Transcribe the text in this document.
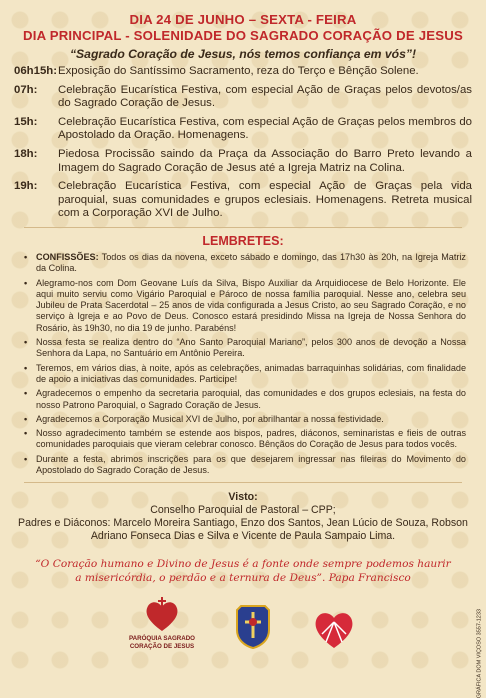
DIA 24 DE JUNHO – SEXTA - FEIRA
DIA PRINCIPAL - SOLENIDADE DO SAGRADO CORAÇÃO DE JESUS
“Sagrado Coração de Jesus, nós temos confiança em vós”!
06h15h: Exposição do Santíssimo Sacramento, reza do Terço e Bênção Solene.
07h:	Celebração Eucarística Festiva, com especial Ação de Graças pelos devotos/as do Sagrado Coração de Jesus.
15h:	Celebração Eucarística Festiva, com especial Ação de Graças pelos membros do Apostolado da Oração. Homenagens.
18h:	Piedosa Procissão saindo da Praça da Associação do Barro Preto levando a Imagem do Sagrado Coração de Jesus até a Igreja Matriz na Colina.
19h:	Celebração Eucarística Festiva, com especial Ação de Graças pela vida paroquial, suas comunidades e grupos eclesiais. Homenagens. Retreta musical com a Corporação XVI de Julho.
LEMBRETES:
• CONFISSÕES: Todos os dias da novena, exceto sábado e domingo, das 17h30 às 20h, na Igreja Matriz da Colina.
• Alegramo-nos com Dom Geovane Luís da Silva, Bispo Auxiliar da Arquidiocese de Belo Horizonte. Ele aqui muito serviu como Vigário Paroquial e Pároco de nossa família paroquial. Nesse ano, celebra seu Jubileu de Prata Sacerdotal – 25 anos de vida configurada a Jesus Cristo, ao seu Sagrado Coração, e no serviço à Igreja e ao Povo de Deus. Conosco estará presidindo Missa na Igreja de Nossa Senhora do Rosário, às 19h30, no dia 19 de junho. Parabéns!
• Nossa festa se realiza dentro do “Ano Santo Paroquial Mariano”, pelos 300 anos de devoção a Nossa Senhora da Lapa, no Santuário em Antônio Pereira.
• Teremos, em vários dias, à noite, após as celebrações, animadas barraquinhas solidárias, com finalidade de apoio a iniciativas das comunidades. Participe!
• Agradecemos o empenho da secretaria paroquial, das comunidades e dos grupos eclesiais, na festa do nosso Patrono Paroquial, o Sagrado Coração de Jesus.
• Agradecemos a Corporação Musical XVI de Julho, por abrilhantar a nossa festividade.
• Nosso agradecimento também se estende aos bispos, padres, diáconos, seminaristas e fieis de outras comunidades paroquiais que vieram celebrar conosco. Bênçãos do Coração de Jesus para todos vocês.
• Durante a festa, abrimos inscrições para os que desejarem ingressar nas fileiras do Movimento do Apostolado do Sagrado Coração de Jesus.
Visto:
Conselho Paroquial de Pastoral – CPP;
Padres e Diáconos: Marcelo Moreira Santiago, Enzo dos Santos, Jean Lúcio de Souza, Robson Adriano Fonseca Dias e Silva e Vicente de Paula Sampaio Lima.
“O Coração humano e Divino de Jesus é a fonte onde sempre podemos haurir a misericórdia, o perdão e a ternura de Deus”. Papa Francisco
PARÓQUIA SAGRADO
CORAÇÃO DE JESUS	GRÁFICA DOM VIÇOSO 3557-1233
